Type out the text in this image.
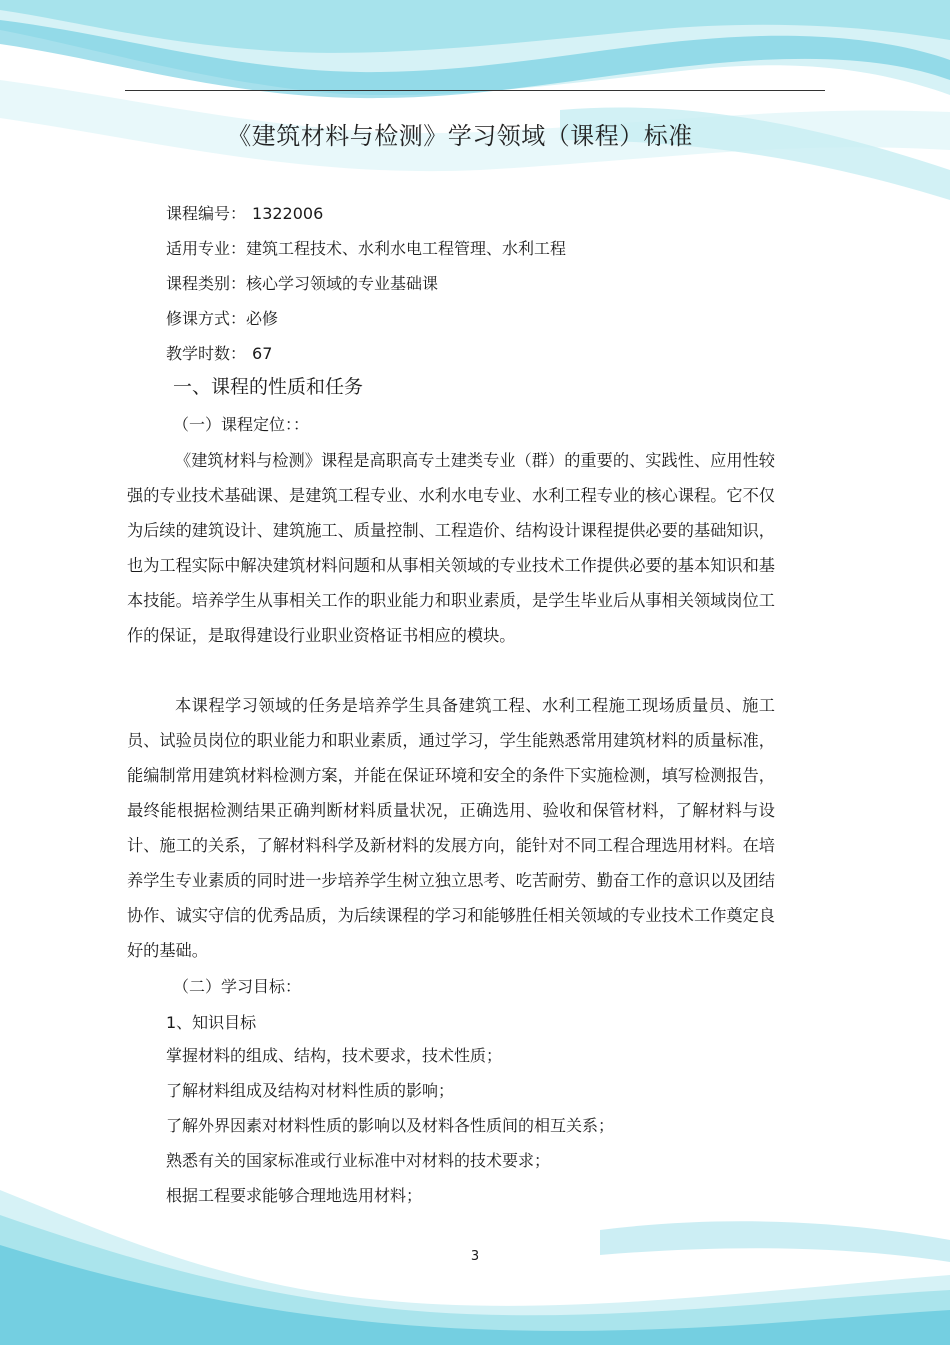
《建筑材料与检测》学习领域（课程）标准
课程编号： 1322006
适用专业：建筑工程技术、水利水电工程管理、水利工程
课程类别：核心学习领域的专业基础课
修课方式：必修
教学时数： 67
一、课程的性质和任务
（一）课程定位：：
《建筑材料与检测》课程是高职高专土建类专业（群）的重要的、实践性、应用性较强的专业技术基础课、是建筑工程专业、水利水电专业、水利工程专业的核心课程。它不仅为后续的建筑设计、建筑施工、质量控制、工程造价、结构设计课程提供必要的基础知识，也为工程实际中解决建筑材料问题和从事相关领域的专业技术工作提供必要的基本知识和基本技能。培养学生从事相关工作的职业能力和职业素质，是学生毕业后从事相关领域岗位工作的保证，是取得建设行业职业资格证书相应的模块。
本课程学习领域的任务是培养学生具备建筑工程、水利工程施工现场质量员、施工员、试验员岗位的职业能力和职业素质，通过学习，学生能熟悉常用建筑材料的质量标准，能编制常用建筑材料检测方案，并能在保证环境和安全的条件下实施检测，填写检测报告，最终能根据检测结果正确判断材料质量状况，正确选用、验收和保管材料，了解材料与设计、施工的关系，了解材料科学及新材料的发展方向，能针对不同工程合理选用材料。在培养学生专业素质的同时进一步培养学生树立独立思考、吃苦耐劳、勤奋工作的意识以及团结协作、诚实守信的优秀品质，为后续课程的学习和能够胜任相关领域的专业技术工作奠定良好的基础。
（二）学习目标：
1、知识目标
掌握材料的组成、结构，技术要求，技术性质；
了解材料组成及结构对材料性质的影响；
了解外界因素对材料性质的影响以及材料各性质间的相互关系；
熟悉有关的国家标准或行业标准中对材料的技术要求；
根据工程要求能够合理地选用材料；
3
